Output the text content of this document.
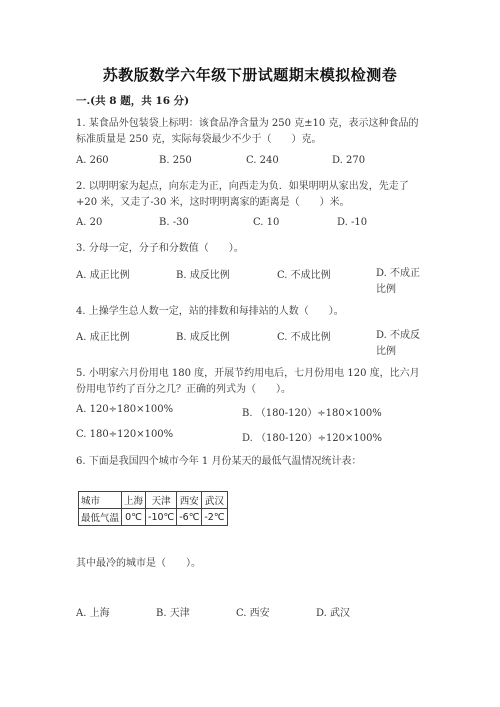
苏教版数学六年级下册试题期末模拟检测卷
一.(共 8 题，共 16 分)
1. 某食品外包装袋上标明：该食品净含量为 250 克±10 克，表示这种食品的标准质量是 250 克，实际每袋最少不少于（　　）克。
A. 260	B. 250	C. 240	D. 270
2. 以明明家为起点，向东走为正，向西走为负．如果明明从家出发，先走了+20 米，又走了-30 米，这时明明离家的距离是（　　）米。
A. 20	B. -30	C. 10	D. -10
3. 分母一定，分子和分数值（　　）。
A. 成正比例	B. 成反比例	C. 不成比例	D. 不成正比例
4. 上操学生总人数一定，站的排数和每排站的人数（　　）。
A. 成正比例	B. 成反比例	C. 不成比例	D. 不成反比例
5. 小明家六月份用电 180 度，开展节约用电后，七月份用电 120 度，比六月份用电节约了百分之几？正确的列式为（　　）。
A. 120÷180×100%	B. （180-120）÷180×100%
C. 180÷120×100%	D. （180-120）÷120×100%
6. 下面是我国四个城市今年 1 月份某天的最低气温情况统计表：
城市	上海	天津	西安	武汉
最低气温	0℃	-10℃	-6℃	-2℃
其中最冷的城市是（　　）。
A. 上海	B. 天津	C. 西安	D. 武汉
